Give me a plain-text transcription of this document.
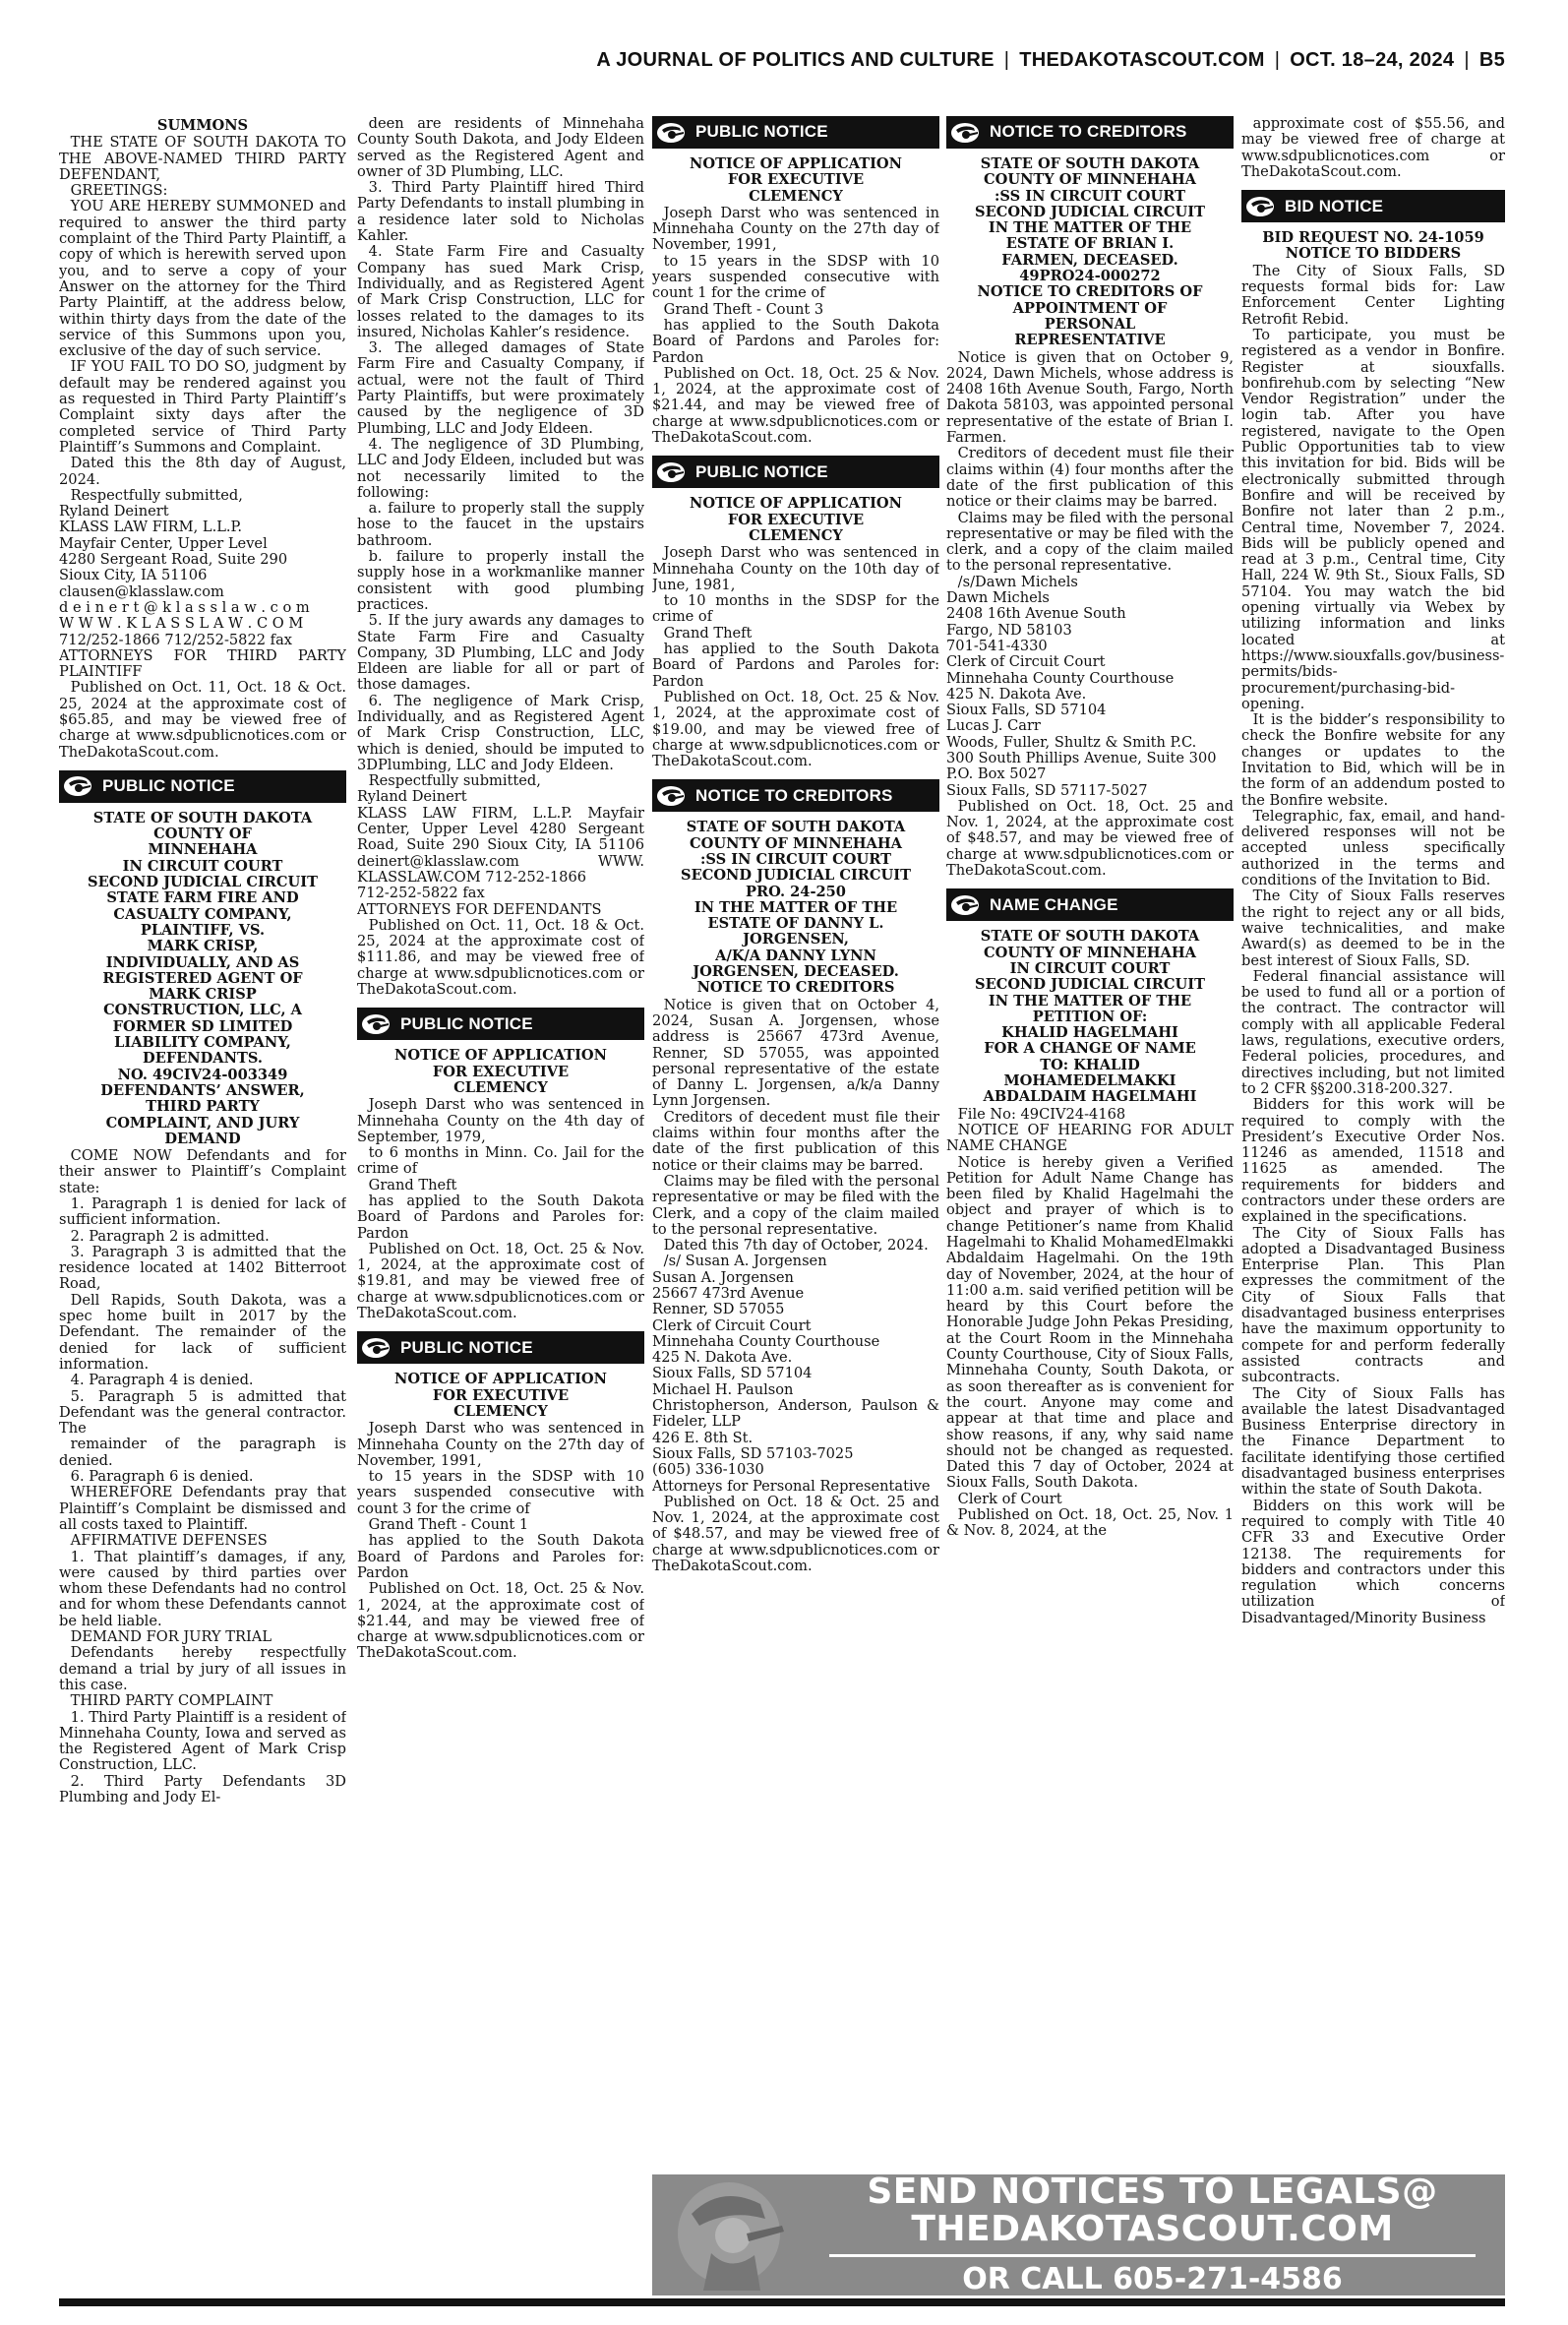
A JOURNAL OF POLITICS AND CULTURE | THEDAKOTASCOUT.COM | OCT. 18–24, 2024 | B5
SUMMONS

THE STATE OF SOUTH DAKOTA TO THE ABOVE-NAMED THIRD PARTY DEFENDANT,

GREETINGS:

YOU ARE HEREBY SUMMONED and required to answer the third party complaint of the Third Party Plaintiff, a copy of which is herewith served upon you, and to serve a copy of your Answer on the attorney for the Third Party Plaintiff, at the address below, within thirty days from the date of the service of this Summons upon you, exclusive of the day of such service.

IF YOU FAIL TO DO SO, judgment by default may be rendered against you as requested in Third Party Plaintiff’s Complaint sixty days after the completed service of Third Party Plaintiff’s Summons and Complaint.

Dated this the 8th day of August, 2024.

Respectfully submitted,
Ryland Deinert
KLASS LAW FIRM, L.L.P.
Mayfair Center, Upper Level
4280 Sergeant Road, Suite 290
Sioux City, IA 51106
clausen@klasslaw.com
d e i n e r t @ k l a s s l a w . c o m
W W W . K L A S S L A W . C O M
712/252-1866 712/252-5822 fax
ATTORNEYS FOR THIRD PARTY PLAINTIFF

Published on Oct. 11, Oct. 18 & Oct. 25, 2024 at the approximate cost of $65.85, and may be viewed free of charge at www.sdpublicnotices.com or TheDakotaScout.com.

PUBLIC NOTICE
STATE OF SOUTH DAKOTA
COUNTY OF
MINNEHAHA
IN CIRCUIT COURT
SECOND JUDICIAL CIRCUIT
STATE FARM FIRE AND
CASUALTY COMPANY,
PLAINTIFF, VS.
MARK CRISP,
INDIVIDUALLY, AND AS
REGISTERED AGENT OF
MARK CRISP
CONSTRUCTION, LLC, A
FORMER SD LIMITED
LIABILITY COMPANY,
DEFENDANTS.
NO. 49CIV24-003349
DEFENDANTS’ ANSWER,
THIRD PARTY
COMPLAINT, AND JURY
DEMAND

COME NOW Defendants and for their answer to Plaintiff’s Complaint state:

1. Paragraph 1 is denied for lack of sufficient information.

2. Paragraph 2 is admitted.

3. Paragraph 3 is admitted that the residence located at 1402 Bitterroot Road,

Dell Rapids, South Dakota, was a spec home built in 2017 by the Defendant. The remainder of the denied for lack of sufficient information.

4. Paragraph 4 is denied.

5. Paragraph 5 is admitted that Defendant was the general contractor. The

remainder of the paragraph is denied.

6. Paragraph 6 is denied.

WHEREFORE Defendants pray that Plaintiff’s Complaint be dismissed and all costs taxed to Plaintiff.

AFFIRMATIVE DEFENSES

1. That plaintiff’s damages, if any, were caused by third parties over whom these Defendants had no control and for whom these Defendants cannot be held liable.

DEMAND FOR JURY TRIAL

Defendants hereby respectfully demand a trial by jury of all issues in this case.

THIRD PARTY COMPLAINT

1. Third Party Plaintiff is a resident of Minnehaha County, Iowa and served as the Registered Agent of Mark Crisp Construction, LLC.

2. Third Party Defendants 3D Plumbing and Jody El-

deen are residents of Minnehaha County South Dakota, and Jody Eldeen served as the Registered Agent and owner of 3D Plumbing, LLC.

3. Third Party Plaintiff hired Third Party Defendants to install plumbing in a residence later sold to Nicholas Kahler.

4. State Farm Fire and Casualty Company has sued Mark Crisp, Individually, and as Registered Agent of Mark Crisp Construction, LLC for losses related to the damages to its insured, Nicholas Kahler’s residence.

3. The alleged damages of State Farm Fire and Casualty Company, if actual, were not the fault of Third Party Plaintiffs, but were proximately caused by the negligence of 3D Plumbing, LLC and Jody Eldeen.

4. The negligence of 3D Plumbing, LLC and Jody Eldeen, included but was not necessarily limited to the following:

a. failure to properly stall the supply hose to the faucet in the upstairs bathroom.

b. failure to properly install the supply hose in a workmanlike manner consistent with good plumbing practices.

5. If the jury awards any damages to State Farm Fire and Casualty Company, 3D Plumbing, LLC and Jody Eldeen are liable for all or part of those damages.

6. The negligence of Mark Crisp, Individually, and as Registered Agent of Mark Crisp Construction, LLC, which is denied, should be imputed to 3DPlumbing, LLC and Jody Eldeen.

Respectfully submitted,
Ryland Deinert
KLASS LAW FIRM, L.L.P. Mayfair Center, Upper Level 4280 Sergeant Road, Suite 290 Sioux City, IA 51106 deinert@klasslaw.com WWW. KLASSLAW.COM 712-252-1866
712-252-5822 fax
ATTORNEYS FOR DEFENDANTS

Published on Oct. 11, Oct. 18 & Oct. 25, 2024 at the approximate cost of $111.86, and may be viewed free of charge at www.sdpublicnotices.com or TheDakotaScout.com.

PUBLIC NOTICE
NOTICE OF APPLICATION
FOR EXECUTIVE
CLEMENCY

Joseph Darst who was sentenced in Minnehaha County on the 4th day of September, 1979,

to 6 months in Minn. Co. Jail for the crime of

Grand Theft

has applied to the South Dakota Board of Pardons and Paroles for: Pardon

Published on Oct. 18, Oct. 25 & Nov. 1, 2024, at the approximate cost of $19.81, and may be viewed free of charge at www.sdpublicnotices.com or TheDakotaScout.com.

PUBLIC NOTICE
NOTICE OF APPLICATION
FOR EXECUTIVE
CLEMENCY

Joseph Darst who was sentenced in Minnehaha County on the 27th day of November, 1991,

to 15 years in the SDSP with 10 years suspended consecutive with count 3 for the crime of

Grand Theft - Count 1

has applied to the South Dakota Board of Pardons and Paroles for: Pardon

Published on Oct. 18, Oct. 25 & Nov. 1, 2024, at the approximate cost of $21.44, and may be viewed free of charge at www.sdpublicnotices.com or TheDakotaScout.com.

PUBLIC NOTICE
NOTICE OF APPLICATION
FOR EXECUTIVE
CLEMENCY

Joseph Darst who was sentenced in Minnehaha County on the 27th day of November, 1991,

to 15 years in the SDSP with 10 years suspended consecutive with count 1 for the crime of

Grand Theft - Count 3

has applied to the South Dakota Board of Pardons and Paroles for: Pardon

Published on Oct. 18, Oct. 25 & Nov. 1, 2024, at the approximate cost of $21.44, and may be viewed free of charge at www.sdpublicnotices.com or TheDakotaScout.com.

PUBLIC NOTICE
NOTICE OF APPLICATION
FOR EXECUTIVE
CLEMENCY

Joseph Darst who was sentenced in Minnehaha County on the 10th day of June, 1981,

to 10 months in the SDSP for the crime of

Grand Theft

has applied to the South Dakota Board of Pardons and Paroles for: Pardon

Published on Oct. 18, Oct. 25 & Nov. 1, 2024, at the approximate cost of $19.00, and may be viewed free of charge at www.sdpublicnotices.com or TheDakotaScout.com.

NOTICE TO CREDITORS
STATE OF SOUTH DAKOTA
COUNTY OF MINNEHAHA
:SS IN CIRCUIT COURT
SECOND JUDICIAL CIRCUIT
PRO. 24-250
IN THE MATTER OF THE
ESTATE OF DANNY L.
JORGENSEN,
A/K/A DANNY LYNN
JORGENSEN, DECEASED.
NOTICE TO CREDITORS

Notice is given that on October 4, 2024, Susan A. Jorgensen, whose address is 25667 473rd Avenue, Renner, SD 57055, was appointed personal representative of the estate of Danny L. Jorgensen, a/k/a Danny Lynn Jorgensen.

Creditors of decedent must file their claims within four months after the date of the first publication of this notice or their claims may be barred.

Claims may be filed with the personal representative or may be filed with the Clerk, and a copy of the claim mailed to the personal representative.

Dated this 7th day of October, 2024.

/s/ Susan A. Jorgensen
Susan A. Jorgensen
25667 473rd Avenue
Renner, SD 57055
Clerk of Circuit Court
Minnehaha County Courthouse
425 N. Dakota Ave.
Sioux Falls, SD 57104
Michael H. Paulson
Christopherson, Anderson, Paulson & Fideler, LLP
426 E. 8th St.
Sioux Falls, SD 57103-7025
(605) 336-1030
Attorneys for Personal Representative

Published on Oct. 18 & Oct. 25 and Nov. 1, 2024, at the approximate cost of $48.57, and may be viewed free of charge at www.sdpublicnotices.com or TheDakotaScout.com.

NOTICE TO CREDITORS
STATE OF SOUTH DAKOTA
COUNTY OF MINNEHAHA
:SS IN CIRCUIT COURT
SECOND JUDICIAL CIRCUIT
IN THE MATTER OF THE
ESTATE OF BRIAN I.
FARMEN, DECEASED.
49PRO24-000272
NOTICE TO CREDITORS OF
APPOINTMENT OF
PERSONAL
REPRESENTATIVE

Notice is given that on October 9, 2024, Dawn Michels, whose address is 2408 16th Avenue South, Fargo, North Dakota 58103, was appointed personal representative of the estate of Brian I. Farmen.

Creditors of decedent must file their claims within (4) four months after the date of the first publication of this notice or their claims may be barred.

Claims may be filed with the personal representative or may be filed with the clerk, and a copy of the claim mailed to the personal representative.

/s/Dawn Michels
Dawn Michels
2408 16th Avenue South
Fargo, ND 58103
701-541-4330
Clerk of Circuit Court
Minnehaha County Courthouse
425 N. Dakota Ave.
Sioux Falls, SD 57104
Lucas J. Carr
Woods, Fuller, Shultz & Smith P.C.
300 South Phillips Avenue, Suite 300
P.O. Box 5027
Sioux Falls, SD 57117-5027

Published on Oct. 18, Oct. 25 and Nov. 1, 2024, at the approximate cost of $48.57, and may be viewed free of charge at www.sdpublicnotices.com or TheDakotaScout.com.

NAME CHANGE
STATE OF SOUTH DAKOTA
COUNTY OF MINNEHAHA
IN CIRCUIT COURT
SECOND JUDICIAL CIRCUIT
IN THE MATTER OF THE
PETITION OF:
KHALID HAGELMAHI
FOR A CHANGE OF NAME
TO: KHALID
MOHAMEDELMAKKI
ABDALDAIM HAGELMAHI

File No: 49CIV24-4168

NOTICE OF HEARING FOR ADULT NAME CHANGE

Notice is hereby given a Verified Petition for Adult Name Change has been filed by Khalid Hagelmahi the object and prayer of which is to change Petitioner’s name from Khalid Hagelmahi to Khalid MohamedElmakki Abdaldaim Hagelmahi. On the 19th day of November, 2024, at the hour of 11:00 a.m. said verified petition will be heard by this Court before the Honorable Judge John Pekas Presiding, at the Court Room in the Minnehaha County Courthouse, City of Sioux Falls, Minnehaha County, South Dakota, or as soon thereafter as is convenient for the court. Anyone may come and appear at that time and place and show reasons, if any, why said name should not be changed as requested. Dated this 7 day of October, 2024 at Sioux Falls, South Dakota.

Clerk of Court

Published on Oct. 18, Oct. 25, Nov. 1 & Nov. 8, 2024, at the

approximate cost of $55.56, and may be viewed free of charge at www.sdpublicnotices.com or TheDakotaScout.com.

BID NOTICE
BID REQUEST NO. 24-1059
NOTICE TO BIDDERS

The City of Sioux Falls, SD requests formal bids for: Law Enforcement Center Lighting Retrofit Rebid.

To participate, you must be registered as a vendor in Bonfire. Register at siouxfalls. bonfirehub.com by selecting “New Vendor Registration” under the login tab. After you have registered, navigate to the Open Public Opportunities tab to view this invitation for bid. Bids will be electronically submitted through Bonfire and will be received by Bonfire not later than 2 p.m., Central time, November 7, 2024. Bids will be publicly opened and read at 3 p.m., Central time, City Hall, 224 W. 9th St., Sioux Falls, SD 57104. You may watch the bid opening virtually via Webex by utilizing information and links located at https://www.siouxfalls.gov/business-permits/bids- procurement/purchasing-bid-opening.

It is the bidder’s responsibility to check the Bonfire website for any changes or updates to the Invitation to Bid, which will be in the form of an addendum posted to the Bonfire website.

Telegraphic, fax, email, and hand-delivered responses will not be accepted unless specifically authorized in the terms and conditions of the Invitation to Bid.

The City of Sioux Falls reserves the right to reject any or all bids, waive technicalities, and make Award(s) as deemed to be in the best interest of Sioux Falls, SD.

Federal financial assistance will be used to fund all or a portion of the contract. The contractor will comply with all applicable Federal laws, regulations, executive orders, Federal policies, procedures, and directives including, but not limited to 2 CFR §§200.318-200.327.

Bidders for this work will be required to comply with the President’s Executive Order Nos. 11246 as amended, 11518 and 11625 as amended. The requirements for bidders and contractors under these orders are explained in the specifications.

The City of Sioux Falls has adopted a Disadvantaged Business Enterprise Plan. This Plan expresses the commitment of the City of Sioux Falls that disadvantaged business enterprises have the maximum opportunity to compete for and perform federally assisted contracts and subcontracts.

The City of Sioux Falls has available the latest Disadvantaged Business Enterprise directory in the Finance Department to facilitate identifying those certified disadvantaged business enterprises within the state of South Dakota.

Bidders on this work will be required to comply with Title 40 CFR 33 and Executive Order 12138. The requirements for bidders and contractors under this regulation which concerns utilization of Disadvantaged/Minority Business

SEND NOTICES TO LEGALS@
THEDAKOTASCOUT.COM
OR CALL 605-271-4586
